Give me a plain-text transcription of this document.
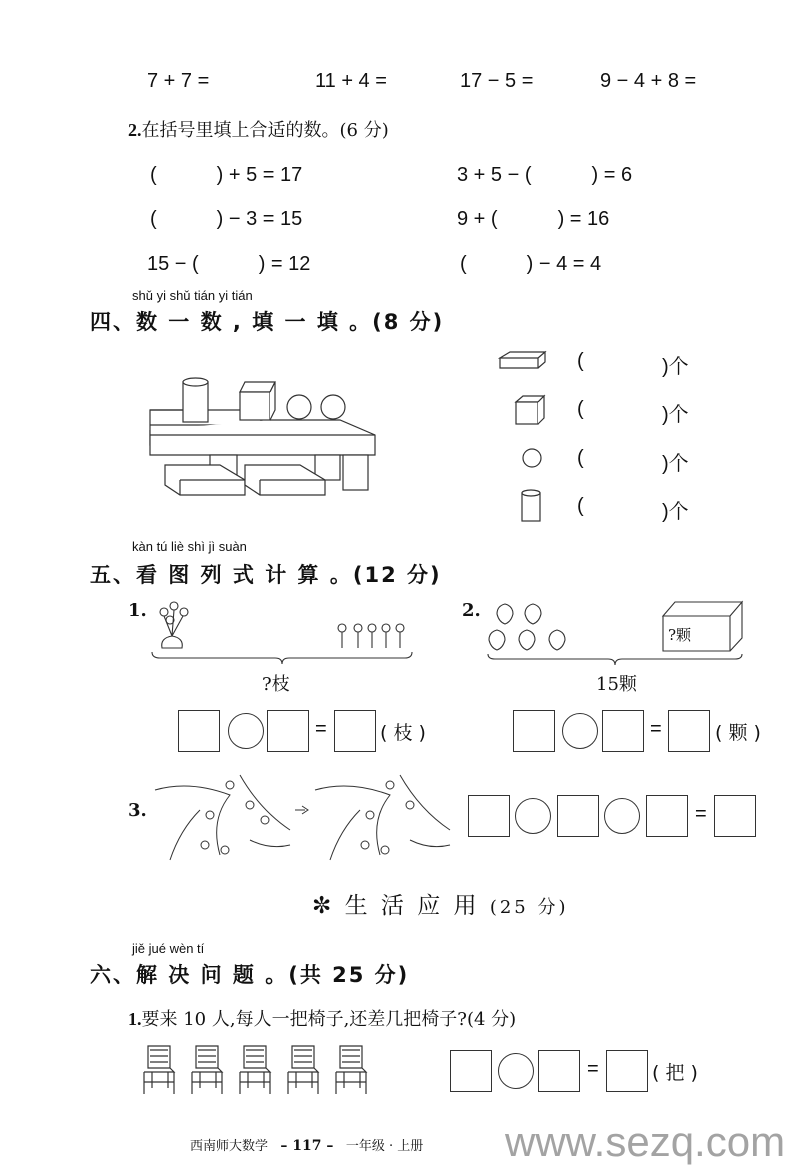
7 + 7 =	11 + 4 =	17 − 5 =	9 − 4 + 8 =
2.在括号里填上合适的数。(6 分)
(　　　) + 5 = 17	3 + 5 − (　　　) = 6
(　　　) − 3 = 15	9 + (　　　) = 16
15 − (　　　) = 12	(　　　) − 4 = 4
shǔ yi shǔ tián yi tián
四、数 一 数 , 填 一 填 。(8 分)
(	)个
(	)个
(	)个
(	)个
kàn tú liè shì jì suàn
五、看 图 列 式 计 算 。(12 分)
1.
?枝
2.
?颗
15颗
=	( 枝 )	=	( 颗 )
3.	=
✼ 生 活 应 用 (25 分)
jiě jué wèn tí
六、解 决 问 题 。(共 25 分)
1.要来 10 人,每人一把椅子,还差几把椅子?(4 分)
=	( 把 )
西南师大数学 – 117 – 一年级 · 上册 www.sezq.com
